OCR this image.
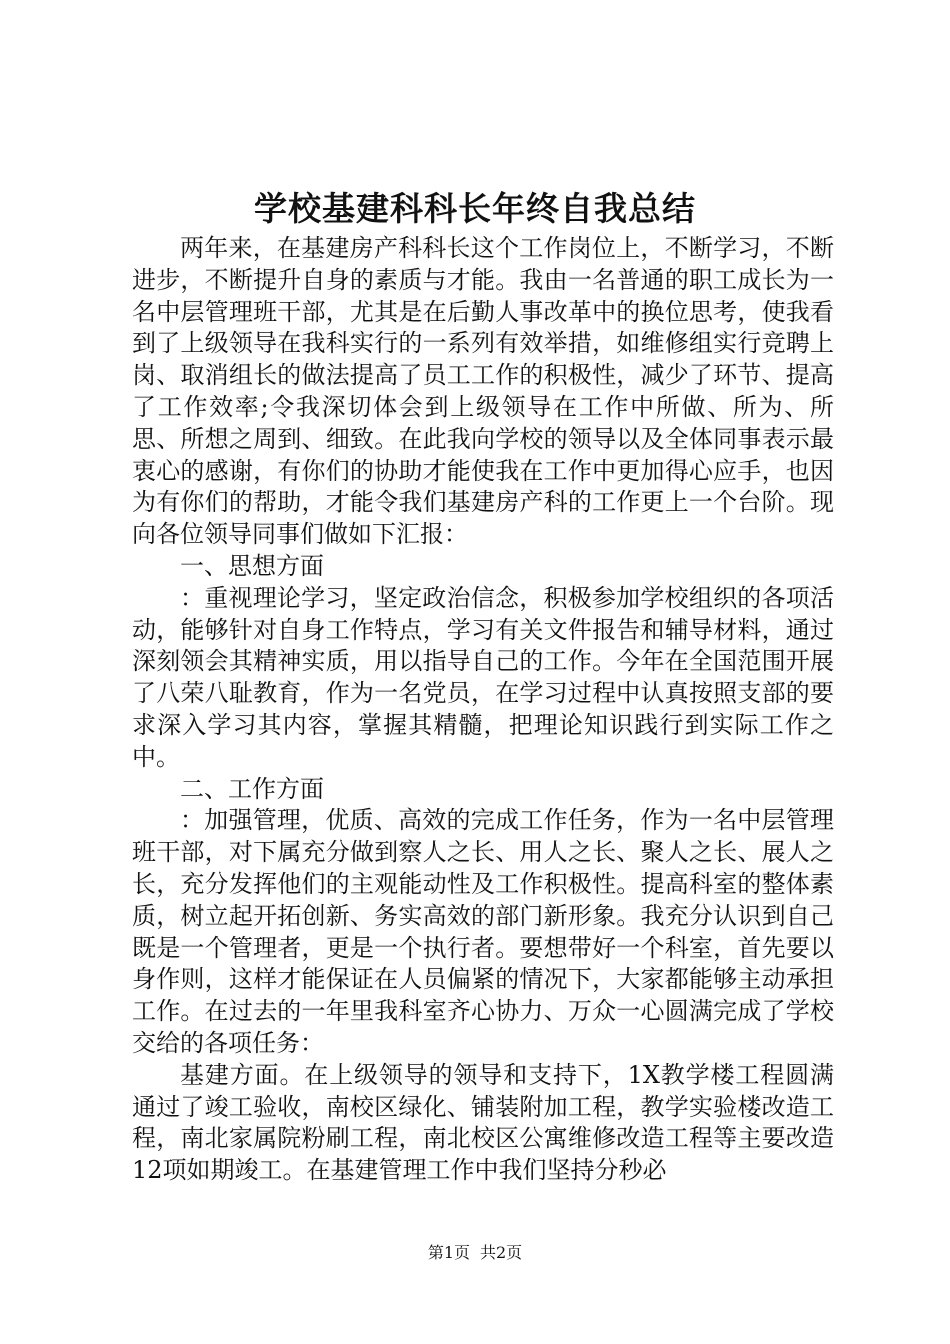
学校基建科科长年终自我总结

两年来，在基建房产科科长这个工作岗位上，不断学习，不断进步，不断提升自身的素质与才能。我由一名普通的职工成长为一名中层管理班干部，尤其是在后勤人事改革中的换位思考，使我看到了上级领导在我科实行的一系列有效举措，如维修组实行竞聘上岗、取消组长的做法提高了员工工作的积极性，减少了环节、提高了工作效率;令我深切体会到上级领导在工作中所做、所为、所思、所想之周到、细致。在此我向学校的领导以及全体同事表示最衷心的感谢，有你们的协助才能使我在工作中更加得心应手，也因为有你们的帮助，才能令我们基建房产科的工作更上一个台阶。现向各位领导同事们做如下汇报：

一、思想方面

：重视理论学习，坚定政治信念，积极参加学校组织的各项活动，能够针对自身工作特点，学习有关文件报告和辅导材料，通过深刻领会其精神实质，用以指导自己的工作。今年在全国范围开展了八荣八耻教育，作为一名党员，在学习过程中认真按照支部的要求深入学习其内容，掌握其精髓，把理论知识践行到实际工作之中。

二、工作方面

：加强管理，优质、高效的完成工作任务，作为一名中层管理班干部，对下属充分做到察人之长、用人之长、聚人之长、展人之长，充分发挥他们的主观能动性及工作积极性。提高科室的整体素质，树立起开拓创新、务实高效的部门新形象。我充分认识到自己既是一个管理者，更是一个执行者。要想带好一个科室，首先要以身作则，这样才能保证在人员偏紧的情况下，大家都能够主动承担工作。在过去的一年里我科室齐心协力、万众一心圆满完成了学校交给的各项任务：

基建方面。在上级领导的领导和支持下，1X教学楼工程圆满通过了竣工验收，南校区绿化、铺装附加工程，教学实验楼改造工程，南北家属院粉刷工程，南北校区公寓维修改造工程等主要改造12项如期竣工。在基建管理工作中我们坚持分秒必

第1页 共2页
